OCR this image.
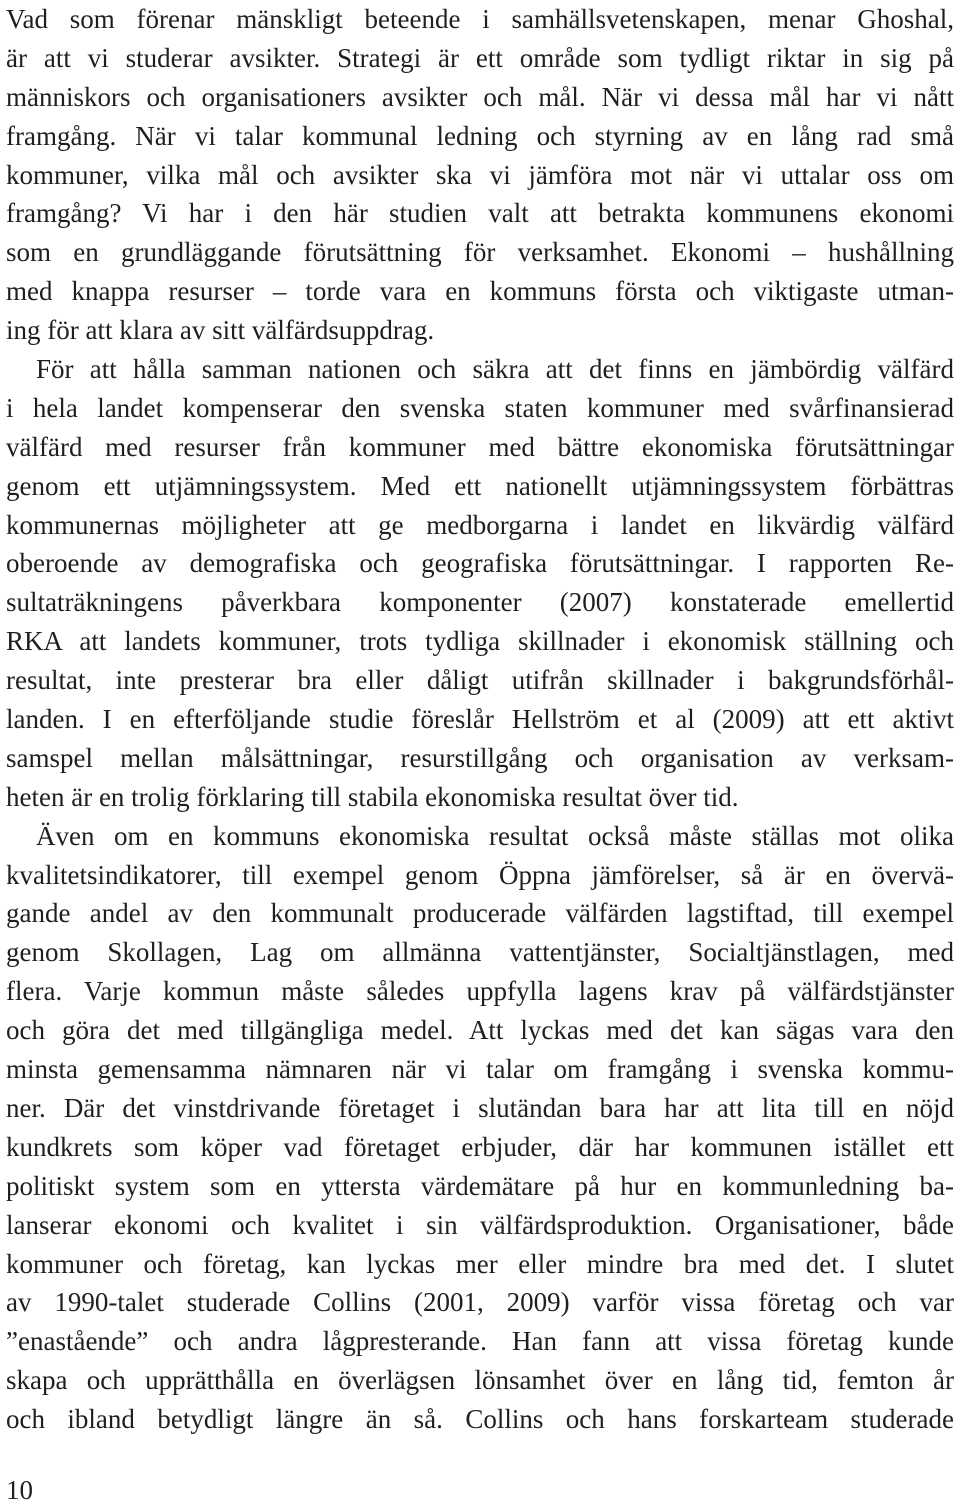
Vad som förenar mänskligt beteende i samhällsvetenskapen, menar Ghoshal,
är att vi studerar avsikter. Strategi är ett område som tydligt riktar in sig på
människors och organisationers avsikter och mål. När vi dessa mål har vi nått
framgång. När vi talar kommunal ledning och styrning av en lång rad små
kommuner, vilka mål och avsikter ska vi jämföra mot när vi uttalar oss om
framgång? Vi har i den här studien valt att betrakta kommunens ekonomi
som en grundläggande förutsättning för verksamhet. Ekonomi – hushållning
med knappa resurser – torde vara en kommuns första och viktigaste utman-
ing för att klara av sitt välfärdsuppdrag.
För att hålla samman nationen och säkra att det finns en jämbördig välfärd
i hela landet kompenserar den svenska staten kommuner med svårfinansierad
välfärd med resurser från kommuner med bättre ekonomiska förutsättningar
genom ett utjämningssystem. Med ett nationellt utjämningssystem förbättras
kommunernas möjligheter att ge medborgarna i landet en likvärdig välfärd
oberoende av demografiska och geografiska förutsättningar. I rapporten Re-
sultaträkningens påverkbara komponenter (2007) konstaterade emellertid
RKA att landets kommuner, trots tydliga skillnader i ekonomisk ställning och
resultat, inte presterar bra eller dåligt utifrån skillnader i bakgrundsförhål-
landen. I en efterföljande studie föreslår Hellström et al (2009) att ett aktivt
samspel mellan målsättningar, resurstillgång och organisation av verksam-
heten är en trolig förklaring till stabila ekonomiska resultat över tid.
Även om en kommuns ekonomiska resultat också måste ställas mot olika
kvalitetsindikatorer, till exempel genom Öppna jämförelser, så är en övervä-
gande andel av den kommunalt producerade välfärden lagstiftad, till exempel
genom Skollagen, Lag om allmänna vattentjänster, Socialtjänstlagen, med
flera. Varje kommun måste således uppfylla lagens krav på välfärdstjänster
och göra det med tillgängliga medel. Att lyckas med det kan sägas vara den
minsta gemensamma nämnaren när vi talar om framgång i svenska kommu-
ner. Där det vinstdrivande företaget i slutändan bara har att lita till en nöjd
kundkrets som köper vad företaget erbjuder, där har kommunen istället ett
politiskt system som en yttersta värdemätare på hur en kommunledning ba-
lanserar ekonomi och kvalitet i sin välfärdsproduktion. Organisationer, både
kommuner och företag, kan lyckas mer eller mindre bra med det. I slutet
av 1990-talet studerade Collins (2001, 2009) varför vissa företag och var
”enastående” och andra lågpresterande. Han fann att vissa företag kunde
skapa och upprätthålla en överlägsen lönsamhet över en lång tid, femton år
och ibland betydligt längre än så. Collins och hans forskarteam studerade
10
